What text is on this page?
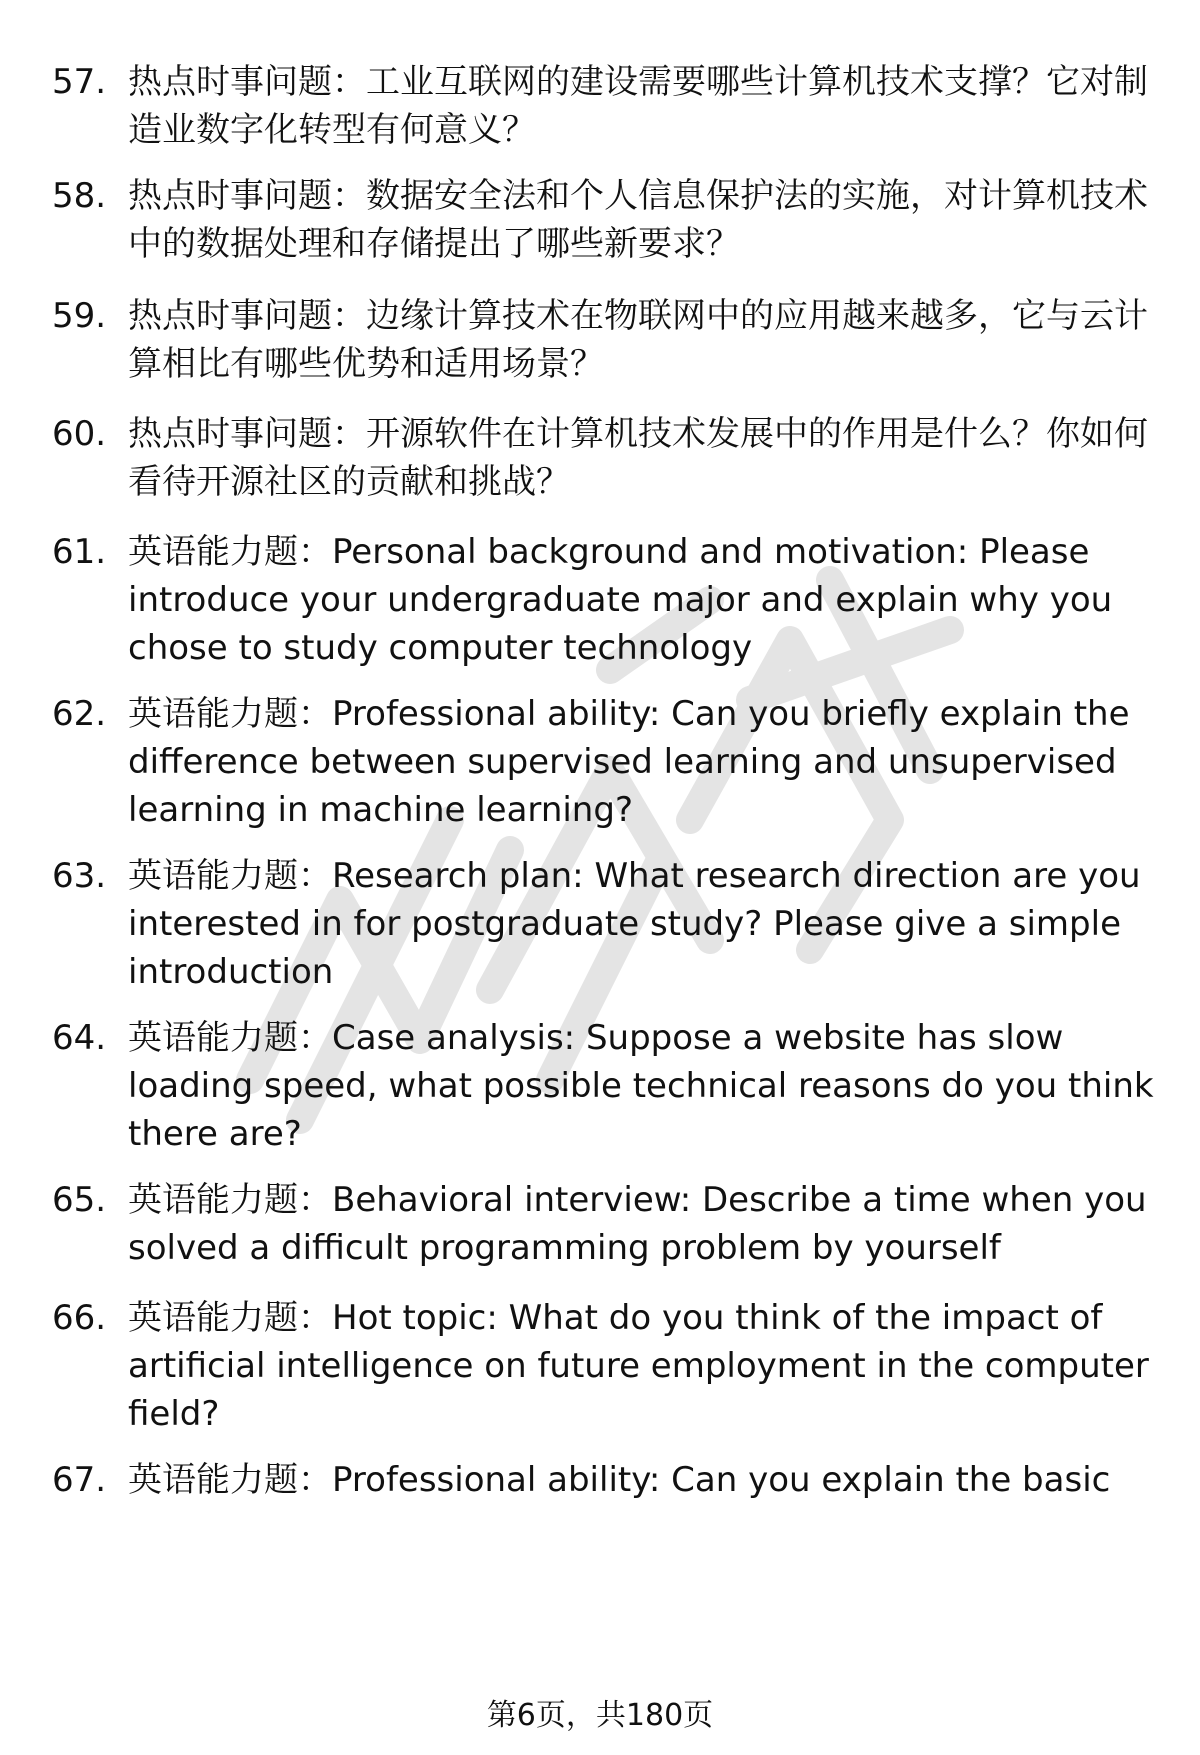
57. 热点时事问题：工业互联网的建设需要哪些计算机技术支撑？它对制造业数字化转型有何意义？
58. 热点时事问题：数据安全法和个人信息保护法的实施，对计算机技术中的数据处理和存储提出了哪些新要求？
59. 热点时事问题：边缘计算技术在物联网中的应用越来越多，它与云计算相比有哪些优势和适用场景？
60. 热点时事问题：开源软件在计算机技术发展中的作用是什么？你如何看待开源社区的贡献和挑战？
61. 英语能力题：Personal background and motivation: Please introduce your undergraduate major and explain why you chose to study computer technology
62. 英语能力题：Professional ability: Can you briefly explain the difference between supervised learning and unsupervised learning in machine learning?
63. 英语能力题：Research plan: What research direction are you interested in for postgraduate study? Please give a simple introduction
64. 英语能力题：Case analysis: Suppose a website has slow loading speed, what possible technical reasons do you think there are?
65. 英语能力题：Behavioral interview: Describe a time when you solved a difficult programming problem by yourself
66. 英语能力题：Hot topic: What do you think of the impact of artificial intelligence on future employment in the computer field?
67. 英语能力题：Professional ability: Can you explain the basic
第6页，共180页
